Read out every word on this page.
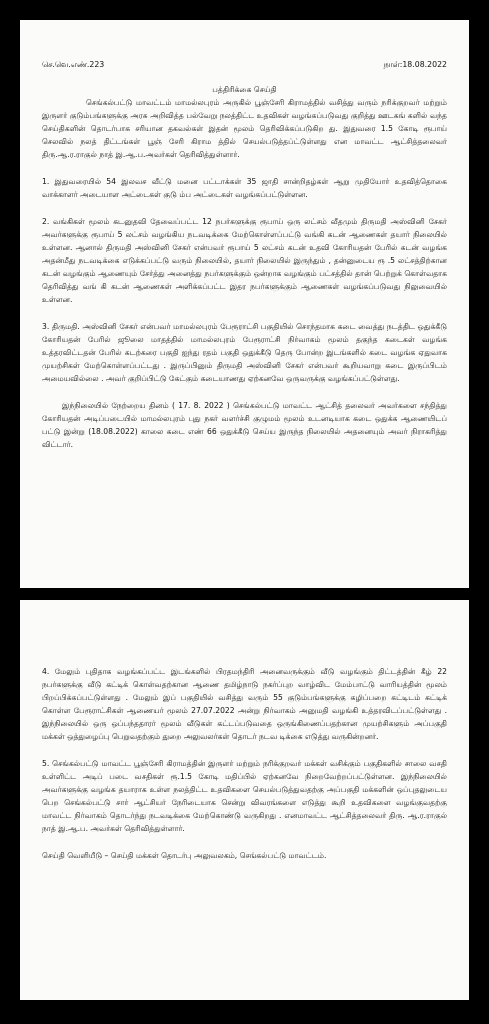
செ.வெ.எண்.223	நாள்:18.08.2022

பத்திரிக்கை செய்தி

செங்கல்பட்டு மாவட்டம் மாமல்லபுரம் அருகில் பூஞ்சேரி கிராமத்தில் வசித்து வரும் நரிக்குறவர் மற்றும் இருளர் குடும்பங்களுக்கு அரசு அறிவித்த பல்வேறு நலத்திட்ட உதவிகள் வழங்கப்படுவது குறித்து ஊடகங் களில் வந்த செய்திகளின் தொடர்பாக சரியான தகவல்கள் இதன் மூலம் தெரிவிக்கப்படுகிற து. இதுவரை 1.5 கோடி ரூபாய் செலவில் நலத் திட்டங்கள் பூஞ் சேரி கிராம த்தில் செயல்படுத்தப்ட்டுள்ளது என மாவட்ட ஆட்சித்தலைவர் திரு.ஆ.ர.ராகுல் நாத் இ.ஆ.ப.அவர்கள் தெரிவித்துள்ளார்.

1. இதுவரையில் 54 இலவச வீட்டு மனை பட்டாக்கள் 35 ஜாதி சான்றிதழ்கள் ஆறு முதியோர் உதவித்தொகை வாக்காளர் அடையாள அட்டைகள் குடு ம்ப அட்டைகள் வழங்கப்பட்டுள்ளன.

2. வங்கிகள் மூலம் கடனுதவி தேவைப்பட்ட 12 நபர்களுக்கு ரூபாய் ஒரு லட்சம் வீதமும் திருமதி அஸ்வினி சேகர் அவர்களுக்கு ரூபாய் 5 லட்சம் வழங்கிய நடவடிக்கை மேற்கொள்ளப்பட்டு வங்கி கடன் ஆணைகள் தயார் நிலையில் உள்ளன. ஆனால் திருமதி அஸ்வினி சேகர் என்பவர் ரூபாய் 5 லட்சம் கடன் உதவி கோரியதன் பேரில் கடன் வழங்க அதன்மீது நடவடிக்கை எடுக்கப்பட்டு வரும் நிலையில், தயார் நிலையில் இருந்தும் , தன்னுடைய ரூ .5 லட்சத்திற்கான கடன் வழங்கும் ஆணையும் சேர்த்து அனைத்து நபர்களுக்கும் ஒன்றாக வழங்கும் பட்சத்தில் தான் பெற்றுக் கொள்வதாக தெரிவித்து வங் கி கடன் ஆணைகள் அளிக்கப்பட்ட இதர நபர்களுக்கும் ஆணைகள் வழங்கப்படுவது நிலுவையில் உள்ளன.

3. திருமதி. அஸ்வினி சேகர் என்பவர் மாமல்லபுரம் பேரூராட்சி பகுதியில் சொந்தமாக கடை வைத்து நடத்திட ஒதுக்கீடு கோரியதன் பேரில் ஜூலை மாதத்தில் மாமல்லபுரம் பேரூராட்சி நிர்வாகம் மூலம் தகுந்த கடைகள் வழங்க உத்தரவிட்டதன் பேரில் கடற்கரை பகுதி ஐந்து ரதம் பகுதி ஒதுக்கீடு தெரு போன்ற இடங்களில் கடை வழங்க ஏதுவாக முயற்சிகள் மேற்கொள்ளப்பட்டது . இருப்பினும் திருமதி அஸ்வினி சேகர் என்பவர் கூறியவாறு கடை இருப்பிடம் அமையவில்லை . அவர் குறிப்பிட்டு கேட்கும் கடையாணது ஏற்கனவே ஒருவருக்கு வழங்கப்பட்டுள்ளது.

இந்நிலையில் நேற்றைய தினம் ( 17. 8. 2022 ) செங்கல்பட்டு மாவட்ட ஆட்சித் தலைவர் அவர்களை சந்தித்து கோரியதன் அடிப்படையில் மாமல்லபுரம் புது நகர் வளர்ச்சி குழுமம் மூலம் உடனடியாக கடை ஒதுக்க ஆணையிடப் பட்டு இன்று (18.08.2022) காலை கடை எண் 66 ஒதுக்கீடு செய்ய இருந்த நிலையில் அதனையும் அவர் நிராகரித்து விட்டார்.

4. மேலும் புதிதாக வழங்கப்பட்ட இடங்களில் பிரதமந்திரி அனைவருக்கும் வீடு வழங்கும் திட்டத்தின் கீழ் 22 நபர்களுக்கு வீடு கட்டிக் கொள்வதற்கான ஆணை தமிழ்நாடு நகர்ப்புற வாழ்விட மேம்பாட்டு வாரியத்தின் மூலம் பிறப்பிக்கப்பட்டுள்ளது . மேலும் இப் பகுதியில் வசித்து வரும் 55 குடும்பங்களுக்கு கழிப்பறை கட்டிடம் கட்டிக் கொள்ள பேரூராட்சிகள் ஆணையர் மூலம் 27.07.2022 அன்று நிர்வாகம் அனுமதி வழங்கி உத்தரவிடப்பட்டுள்ளது . இந்நிலையில் ஒரு ஒப்பந்ததாரர் மூலம் வீடுகள் கட்டப்படுவதை ஒருங்கிணைப்பதற்கான முயற்சிகளும் அப்பகுதி மக்கள் ஒத்துழைப்பு பெறுவதற்கும் துறை அலுவலர்கள் தொடர் நடவ டிக்கை எடுத்து வருகின்றனர்.

5. செங்கல்பட்டு மாவட்ட பூஞ்சேரி கிராமத்தின் இருளர் மற்றும் நரிக்குறவர் மக்கள் வசிக்கும் பகுதிகளில் சாலை வசதி உள்ளிட்ட அடிப் படை வசதிகள் ரூ.1.5 கோடி மதிப்பில் ஏற்கனவே நிறைவேற்றப்பட்டுள்ளன. இந்நிலையில் அவர்களுக்கு வழங்க தயாராக உள்ள நலத்திட்ட உதவிகளை செயல்படுத்துவதற்கு அப்பகுதி மக்களின் ஒப்புதலுடைய பெற செங்கல்பட்டு சார் ஆட்சியர் நேரிடையாக சென்று விவரங்களை எடுத்து கூறி உதவிகளை வழங்குவதற்கு மாவட்ட நிர்வாகம் தொடர்ந்து நடவடிக்கை மேற்கொண்டு வருகிறது . எனமாவட்ட ஆட்சித்தலைவர் திரு. ஆ.ர.ராகுல் நாத் இ.ஆ.ப. அவர்கள் தெரிவித்துள்ளார்.

செய்தி வெளியீடு – செய்தி மக்கள் தொடர்பு அலுவலகம், செங்கல்பட்டு மாவட்டம்.
